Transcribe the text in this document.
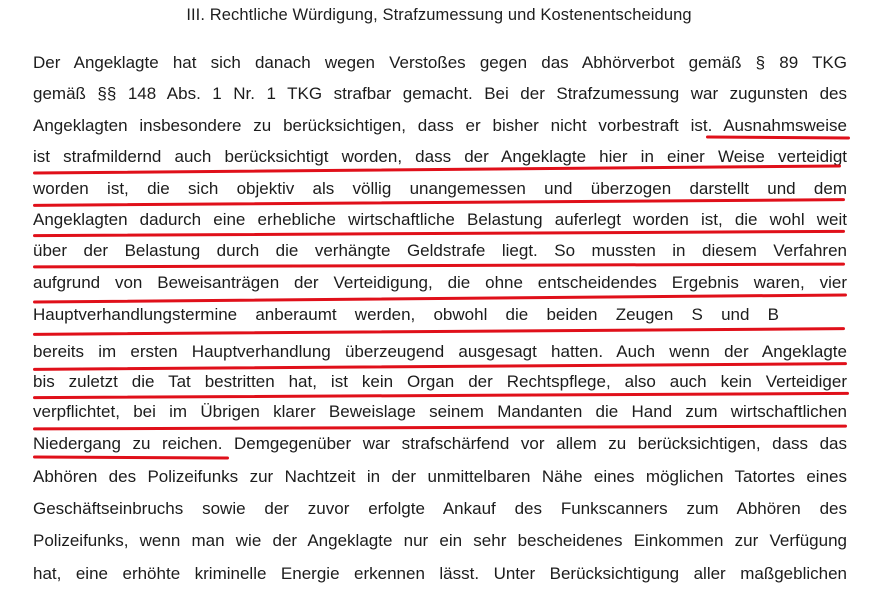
III. Rechtliche Würdigung, Strafzumessung und Kostenentscheidung
Der Angeklagte hat sich danach wegen Verstoßes gegen das Abhörverbot gemäß § 89 TKG
gemäß §§ 148 Abs. 1 Nr. 1 TKG strafbar gemacht. Bei der Strafzumessung war zugunsten des
Angeklagten insbesondere zu berücksichtigen, dass er bisher nicht vorbestraft ist. Ausnahmsweise
ist strafmildernd auch berücksichtigt worden, dass der Angeklagte hier in einer Weise verteidigt
worden ist, die sich objektiv als völlig unangemessen und überzogen darstellt und dem
Angeklagten dadurch eine erhebliche wirtschaftliche Belastung auferlegt worden ist, die wohl weit
über der Belastung durch die verhängte Geldstrafe liegt. So mussten in diesem Verfahren
aufgrund von Beweisanträgen der Verteidigung, die ohne entscheidendes Ergebnis waren, vier
Hauptverhandlungstermine anberaumt werden, obwohl die beiden Zeugen S und B
bereits im ersten Hauptverhandlung überzeugend ausgesagt hatten. Auch wenn der Angeklagte
bis zuletzt die Tat bestritten hat, ist kein Organ der Rechtspflege, also auch kein Verteidiger
verpflichtet, bei im Übrigen klarer Beweislage seinem Mandanten die Hand zum wirtschaftlichen
Niedergang zu reichen. Demgegenüber war strafschärfend vor allem zu berücksichtigen, dass das
Abhören des Polizeifunks zur Nachtzeit in der unmittelbaren Nähe eines möglichen Tatortes eines
Geschäftseinbruchs sowie der zuvor erfolgte Ankauf des Funkscanners zum Abhören des
Polizeifunks, wenn man wie der Angeklagte nur ein sehr bescheidenes Einkommen zur Verfügung
hat, eine erhöhte kriminelle Energie erkennen lässt. Unter Berücksichtigung aller maßgeblichen
